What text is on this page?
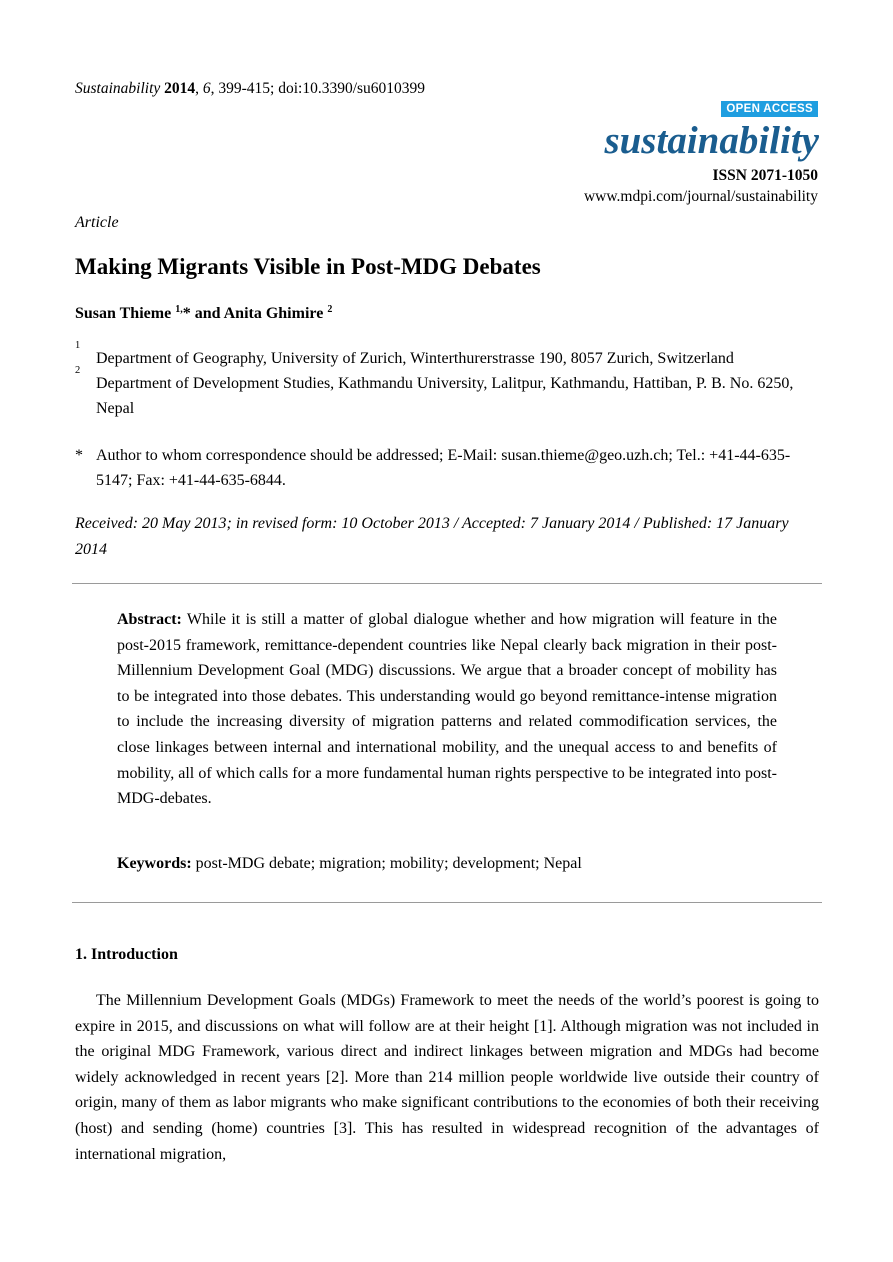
Sustainability 2014, 6, 399-415; doi:10.3390/su6010399
OPEN ACCESS
sustainability
ISSN 2071-1050
www.mdpi.com/journal/sustainability
Article
Making Migrants Visible in Post-MDG Debates
Susan Thieme $^{1,}$* and Anita Ghimire $^2$
1
Department of Geography, University of Zurich, Winterthurerstrasse 190, 8057 Zurich, Switzerland
2
Department of Development Studies, Kathmandu University, Lalitpur, Kathmandu, Hattiban, P. B. No. 6250, Nepal
* Author to whom correspondence should be addressed; E-Mail: susan.thieme@geo.uzh.ch; Tel.: +41-44-635-5147; Fax: +41-44-635-6844.
Received: 20 May 2013; in revised form: 10 October 2013 / Accepted: 7 January 2014 / Published: 17 January 2014
Abstract: While it is still a matter of global dialogue whether and how migration will feature in the post-2015 framework, remittance-dependent countries like Nepal clearly back migration in their post-Millennium Development Goal (MDG) discussions. We argue that a broader concept of mobility has to be integrated into those debates. This understanding would go beyond remittance-intense migration to include the increasing diversity of migration patterns and related commodification services, the close linkages between internal and international mobility, and the unequal access to and benefits of mobility, all of which calls for a more fundamental human rights perspective to be integrated into post-MDG-debates.
Keywords: post-MDG debate; migration; mobility; development; Nepal
1. Introduction
The Millennium Development Goals (MDGs) Framework to meet the needs of the world’s poorest is going to expire in 2015, and discussions on what will follow are at their height [1]. Although migration was not included in the original MDG Framework, various direct and indirect linkages between migration and MDGs had become widely acknowledged in recent years [2]. More than 214 million people worldwide live outside their country of origin, many of them as labor migrants who make significant contributions to the economies of both their receiving (host) and sending (home) countries [3]. This has resulted in widespread recognition of the advantages of international migration,
